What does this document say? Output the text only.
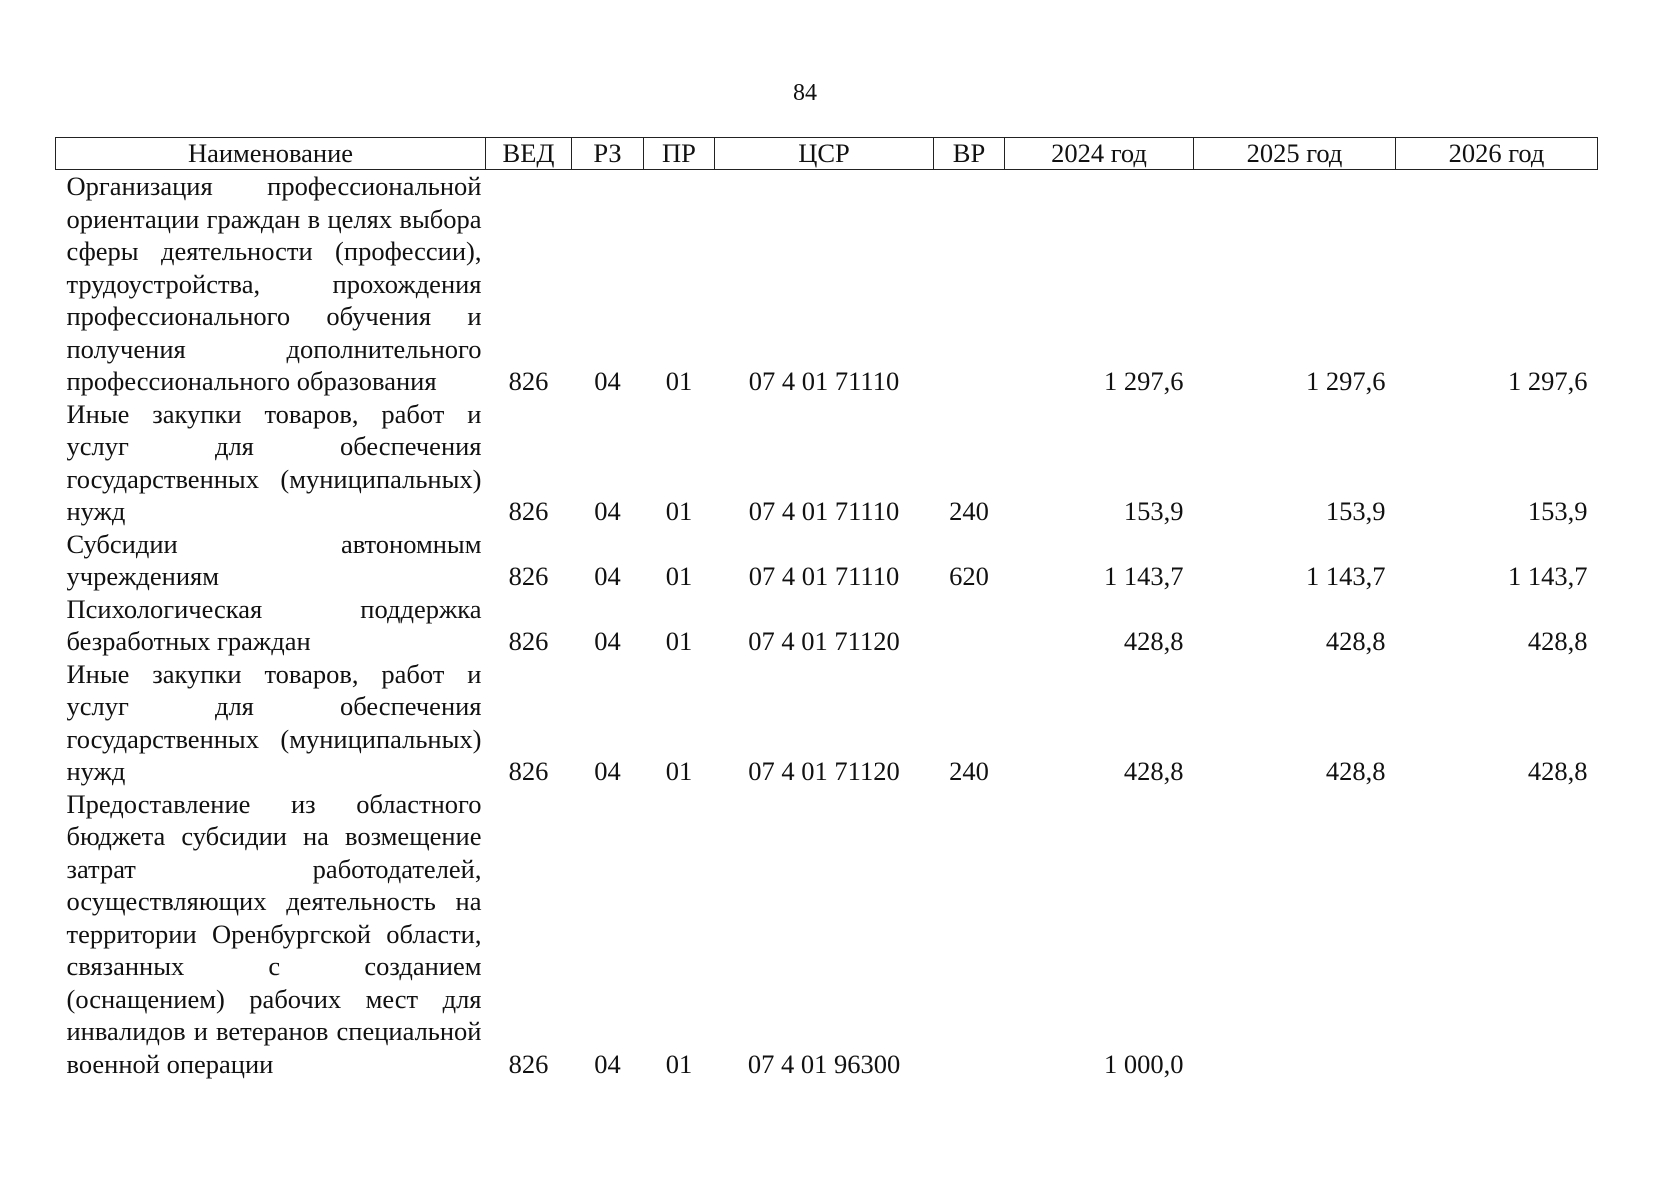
84
Наименование	ВЕД	РЗ	ПР	ЦСР	ВР	2024 год	2025 год	2026 год
Организация профессиональной ориентации граждан в целях выбора сферы деятельности (профессии), трудоустройства, прохождения профессионального обучения и получения дополнительного профессионального образования	826	04	01	07 4 01 71110		1 297,6	1 297,6	1 297,6
Иные закупки товаров, работ и услуг для обеспечения государственных (муниципальных) нужд	826	04	01	07 4 01 71110	240	153,9	153,9	153,9
Субсидии автономным учреждениям	826	04	01	07 4 01 71110	620	1 143,7	1 143,7	1 143,7
Психологическая поддержка безработных граждан	826	04	01	07 4 01 71120		428,8	428,8	428,8
Иные закупки товаров, работ и услуг для обеспечения государственных (муниципальных) нужд	826	04	01	07 4 01 71120	240	428,8	428,8	428,8
Предоставление из областного бюджета субсидии на возмещение затрат работодателей, осуществляющих деятельность на территории Оренбургской области, связанных с созданием (оснащением) рабочих мест для инвалидов и ветеранов специальной военной операции	826	04	01	07 4 01 96300		1 000,0		
